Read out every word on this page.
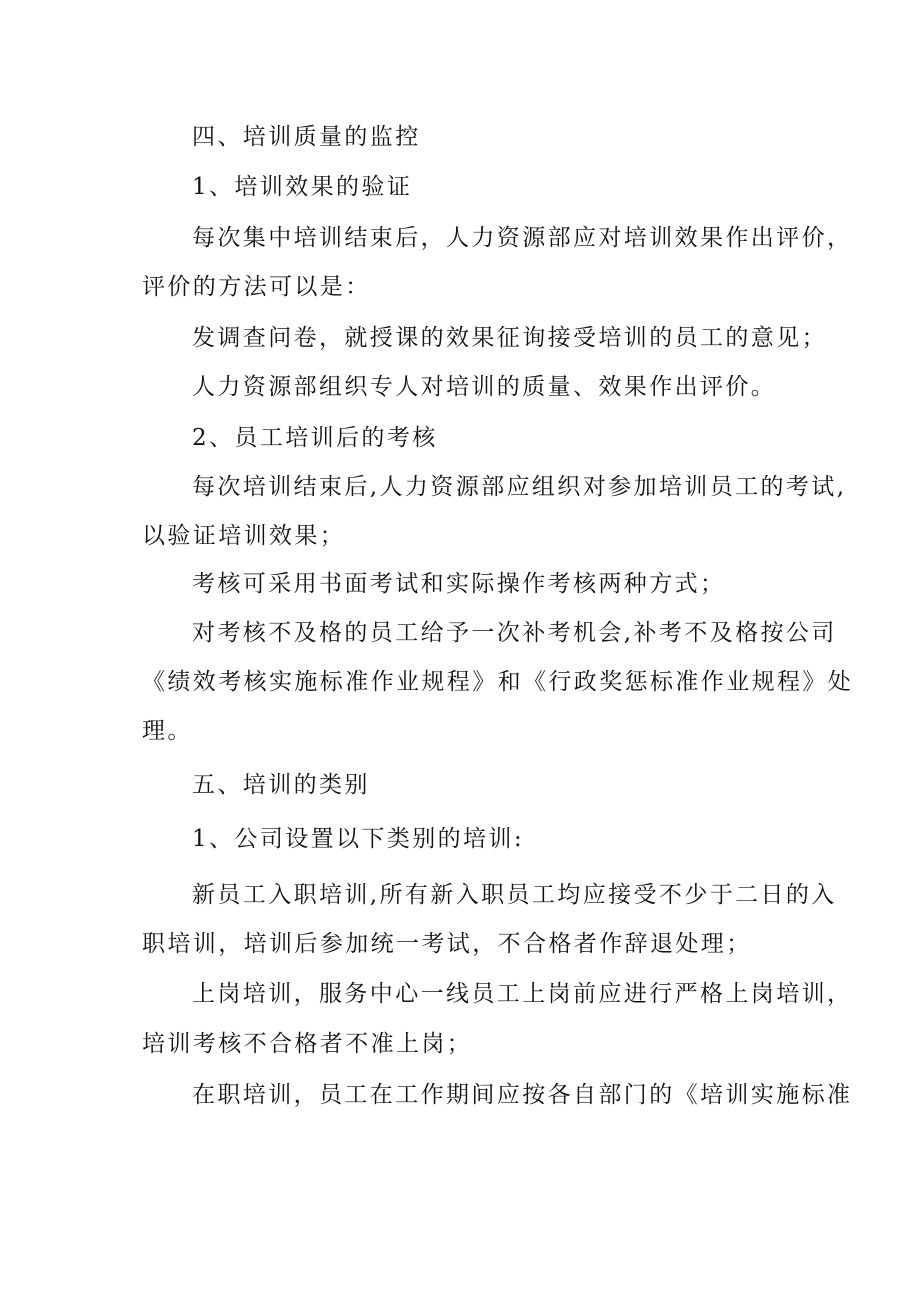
四、培训质量的监控
1、培训效果的验证
每次集中培训结束后，人力资源部应对培训效果作出评价，
评价的方法可以是：
发调查问卷，就授课的效果征询接受培训的员工的意见；
人力资源部组织专人对培训的质量、效果作出评价。
2、员工培训后的考核
每次培训结束后,人力资源部应组织对参加培训员工的考试,
以验证培训效果；
考核可采用书面考试和实际操作考核两种方式；
对考核不及格的员工给予一次补考机会,补考不及格按公司
《绩效考核实施标准作业规程》和《行政奖惩标准作业规程》处
理。
五、培训的类别
1、公司设置以下类别的培训:
新员工入职培训,所有新入职员工均应接受不少于二日的入
职培训，培训后参加统一考试，不合格者作辞退处理；
上岗培训，服务中心一线员工上岗前应进行严格上岗培训，
培训考核不合格者不准上岗；
在职培训，员工在工作期间应按各自部门的《培训实施标准
